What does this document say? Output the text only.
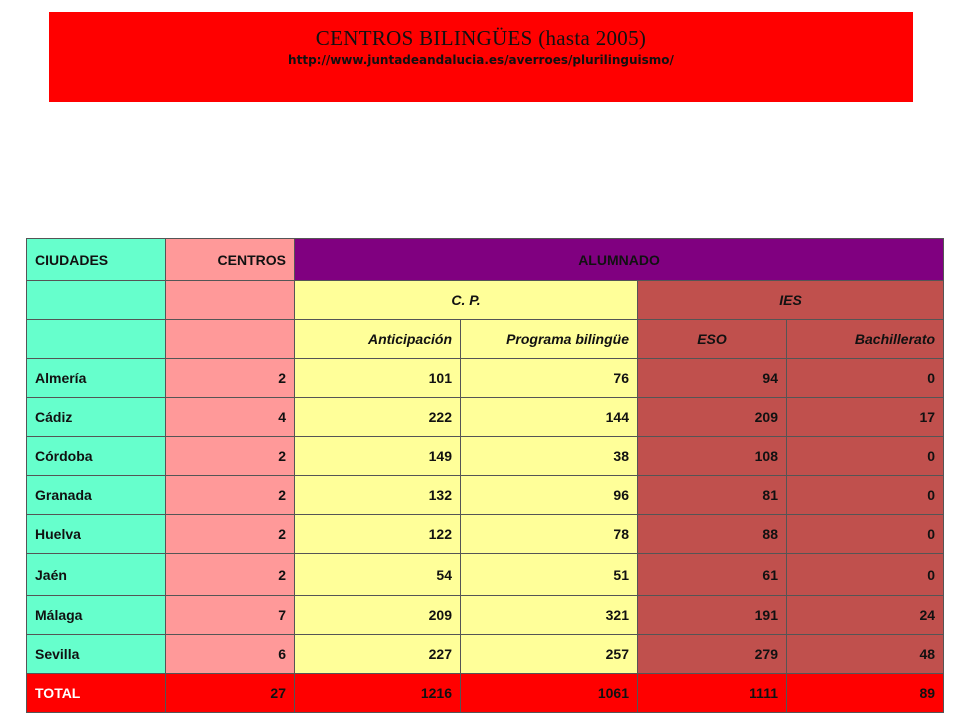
CENTROS BILINGÜES (hasta 2005)
http://www.juntadeandalucia.es/averroes/plurilinguismo/
CIUDADES	CENTROS	ALUMNADO			
		C. P.		IES	
		Anticipación	Programa bilingüe	ESO	Bachillerato
Almería	2	101	76	94	0
Cádiz	4	222	144	209	17
Córdoba	2	149	38	108	0
Granada	2	132	96	81	0
Huelva	2	122	78	88	0
Jaén	2	54	51	61	0
Málaga	7	209	321	191	24
Sevilla	6	227	257	279	48
TOTAL	27	1216	1061	1111	89
